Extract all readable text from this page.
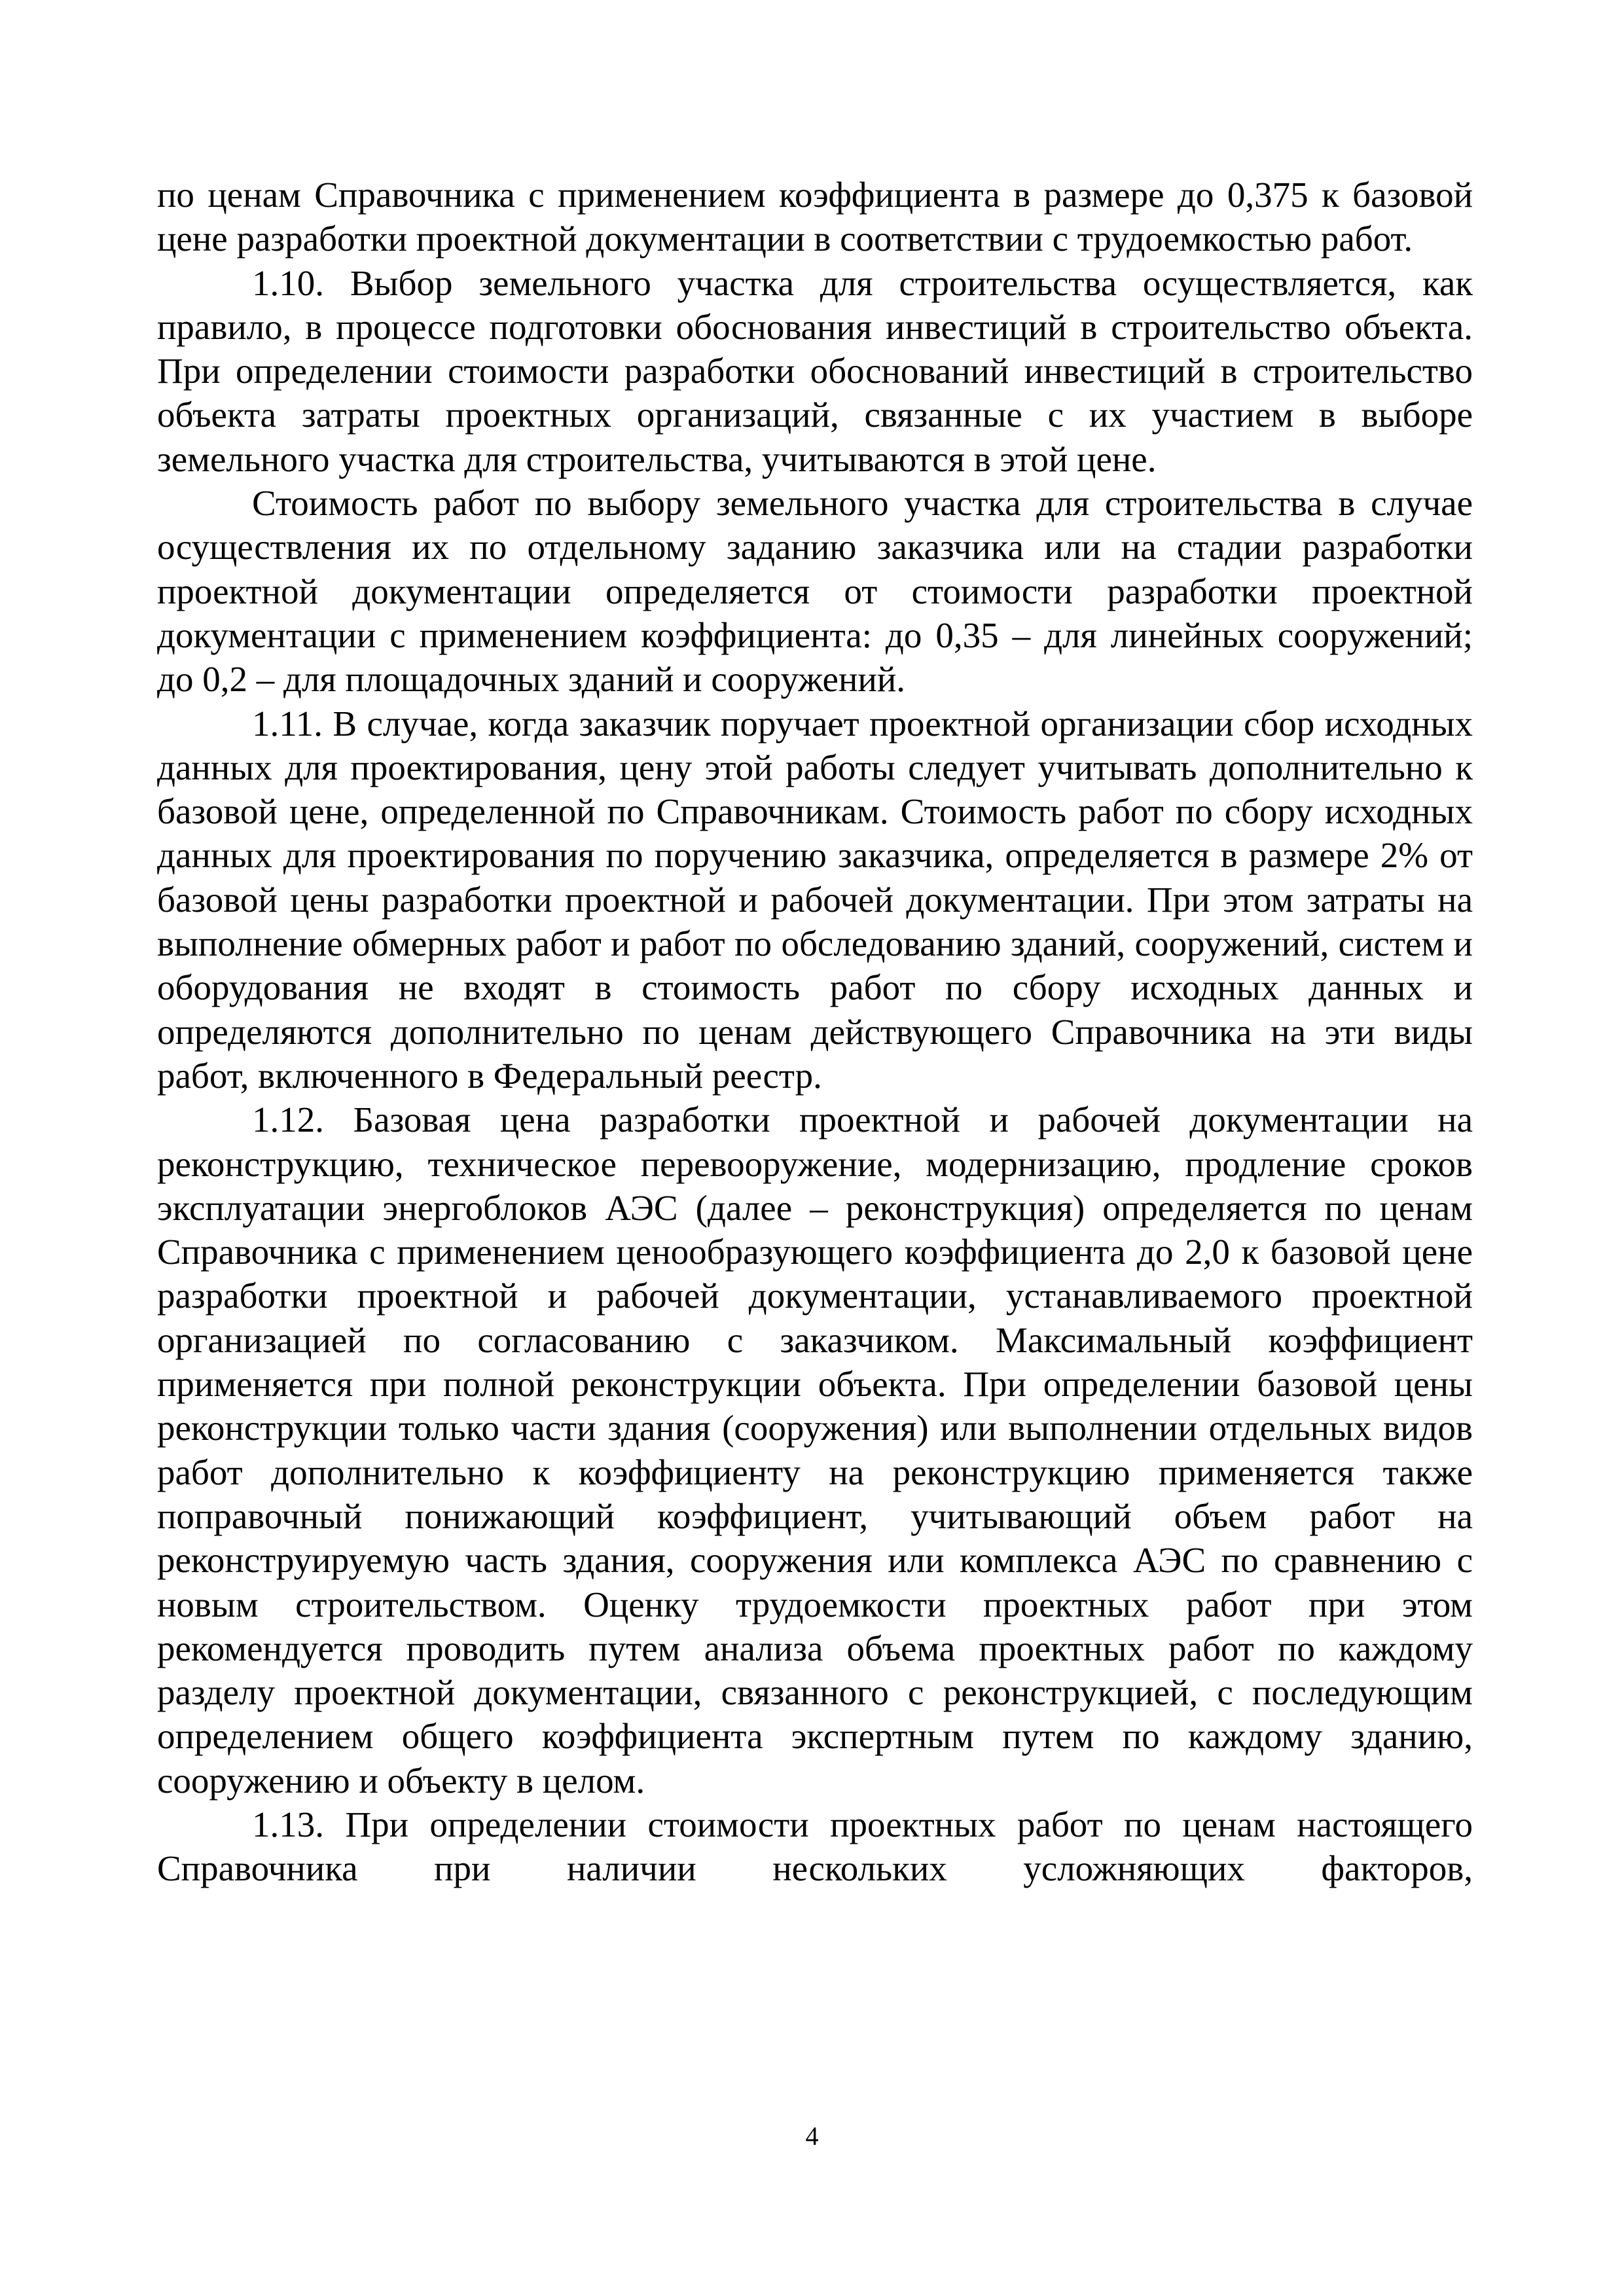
по ценам Справочника с применением коэффициента в размере до 0,375 к базовой цене разработки проектной документации в соответствии с трудоемкостью работ.

1.10. Выбор земельного участка для строительства осуществляется, как правило, в процессе подготовки обоснования инвестиций в строительство объекта. При определении стоимости разработки обоснований инвестиций в строительство объекта затраты проектных организаций, связанные с их участием в выборе земельного участка для строительства, учитываются в этой цене.

Стоимость работ по выбору земельного участка для строительства в случае осуществления их по отдельному заданию заказчика или на стадии разработки проектной документации определяется от стоимости разработки проектной документации с применением коэффициента: до 0,35 – для линейных сооружений; до 0,2 – для площадочных зданий и сооружений.

1.11. В случае, когда заказчик поручает проектной организации сбор исходных данных для проектирования, цену этой работы следует учитывать дополнительно к базовой цене, определенной по Справочникам. Стоимость работ по сбору исходных данных для проектирования по поручению заказчика, определяется в размере 2% от базовой цены разработки проектной и рабочей документации. При этом затраты на выполнение обмерных работ и работ по обследованию зданий, сооружений, систем и оборудования не входят в стоимость работ по сбору исходных данных и определяются дополнительно по ценам действующего Справочника на эти виды работ, включенного в Федеральный реестр.

1.12. Базовая цена разработки проектной и рабочей документации на реконструкцию, техническое перевооружение, модернизацию, продление сроков эксплуатации энергоблоков АЭС (далее – реконструкция) определяется по ценам Справочника с применением ценообразующего коэффициента до 2,0 к базовой цене разработки проектной и рабочей документации, устанавливаемого проектной организацией по согласованию с заказчиком. Максимальный коэффициент применяется при полной реконструкции объекта. При определении базовой цены реконструкции только части здания (сооружения) или выполнении отдельных видов работ дополнительно к коэффициенту на реконструкцию применяется также поправочный понижающий коэффициент, учитывающий объем работ на реконструируемую часть здания, сооружения или комплекса АЭС по сравнению с новым строительством. Оценку трудоемкости проектных работ при этом рекомендуется проводить путем анализа объема проектных работ по каждому разделу проектной документации, связанного с реконструкцией, с последующим определением общего коэффициента экспертным путем по каждому зданию, сооружению и объекту в целом.

1.13. При определении стоимости проектных работ по ценам настоящего Справочника при наличии нескольких усложняющих факторов,

4
